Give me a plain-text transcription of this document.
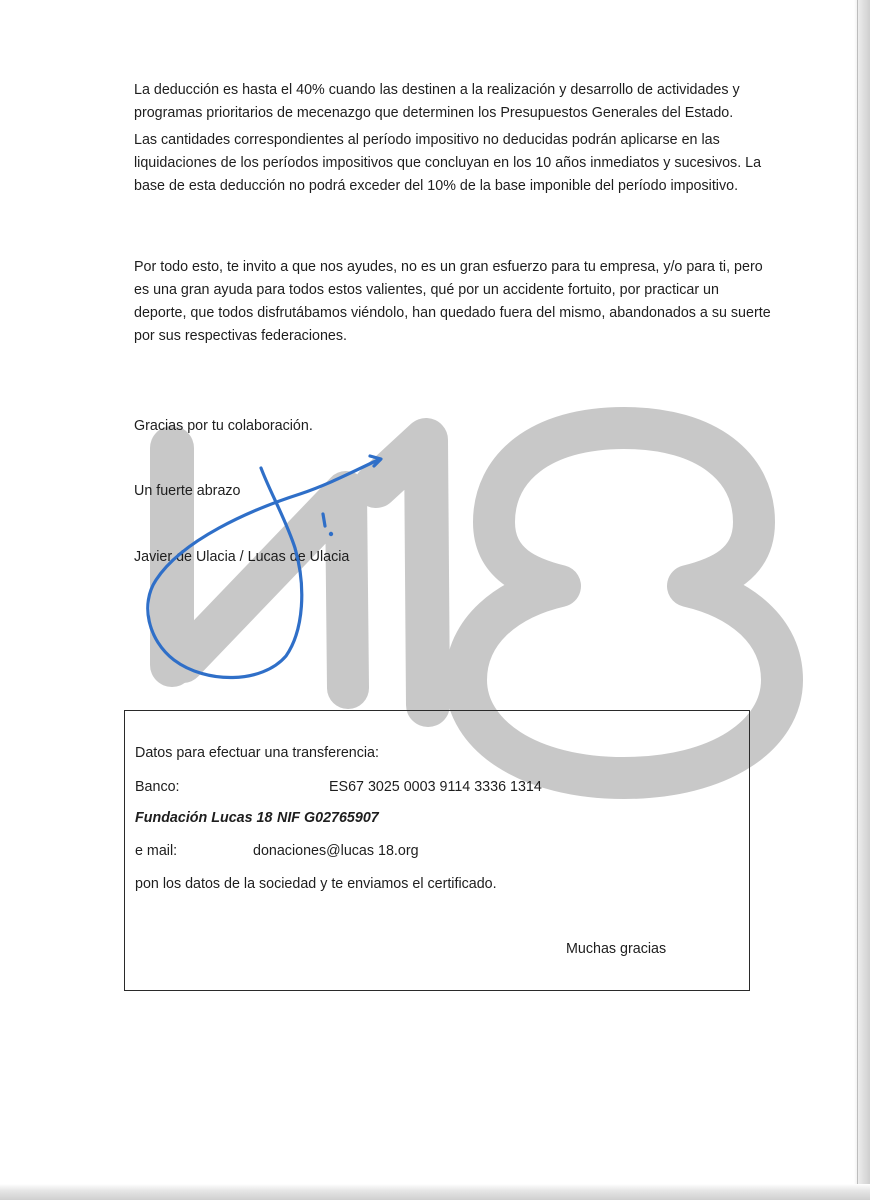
La deducción es hasta el 40% cuando las destinen a la realización y desarrollo de actividades y programas prioritarios de mecenazgo que determinen los Presupuestos Generales del Estado.

Las cantidades correspondientes al período impositivo no deducidas podrán aplicarse en las liquidaciones de los períodos impositivos que concluyan en los 10 años inmediatos y sucesivos. La base de esta deducción no podrá exceder del 10% de la base imponible del período impositivo.

Por todo esto, te invito a que nos ayudes, no es un gran esfuerzo para tu empresa, y/o para ti, pero es una gran ayuda para todos estos valientes, qué por un accidente fortuito, por practicar un deporte, que todos disfrutábamos viéndolo, han quedado fuera del mismo, abandonados a su suerte por sus respectivas federaciones.

Gracias por tu colaboración.
Un fuerte abrazo
Javier de Ulacia / Lucas de Ulacia
Datos para efectuar una transferencia:
Banco:	ES67 3025 0003 9114 3336 1314
Fundación Lucas 18 NIF G02765907
e mail:	donaciones@lucas 18.org
pon los datos de la sociedad y te enviamos el certificado.
Muchas gracias
